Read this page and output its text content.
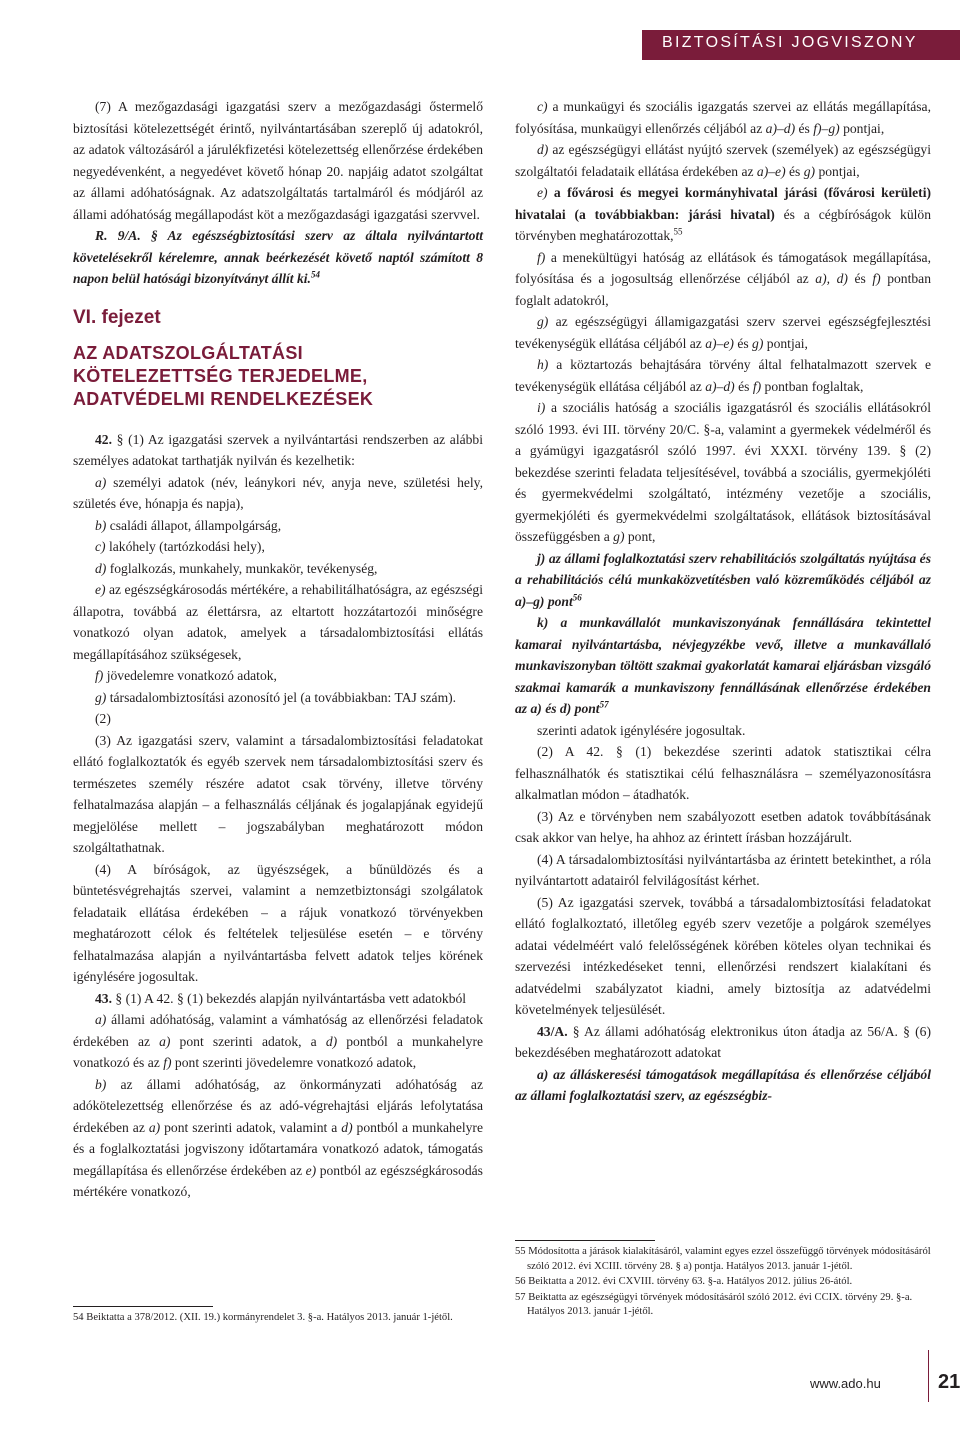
BIZTOSÍTÁSI JOGVISZONY

(7) A mezőgazdasági igazgatási szerv a mezőgazdasági őstermelő biztosítási kötelezettségét érintő, nyilvántartásában szereplő új adatokról, az adatok változásáról a járulékfizetési kötelezettség ellenőrzése érdekében negyedévenként, a negyedévet követő hónap 20. napjáig adatot szolgáltat az állami adóhatóságnak. Az adatszolgáltatás tartalmáról és módjáról az állami adóhatóság megállapodást köt a mezőgazdasági igazgatási szervvel.

R. 9/A. § Az egészségbiztosítási szerv az általa nyilvántartott követelésekről kérelemre, annak beérkezését követő naptól számított 8 napon belül hatósági bizonyítványt állít ki.$^{54}$

VI. fejezet
AZ ADATSZOLGÁLTATÁSI
KÖTELEZETTSÉG TERJEDELME,
ADATVÉDELMI RENDELKEZÉSEK

42. § (1) Az igazgatási szervek a nyilvántartási rendszerben az alábbi személyes adatokat tarthatják nyilván és kezelhetik:

a) személyi adatok (név, leánykori név, anyja neve, születési hely, születés éve, hónapja és napja),

b) családi állapot, állampolgárság,

c) lakóhely (tartózkodási hely),

d) foglalkozás, munkahely, munkakör, tevékenység,

e) az egészségkárosodás mértékére, a rehabilitálhatóságra, az egészségi állapotra, továbbá az élettársra, az eltartott hozzátartozói minőségre vonatkozó olyan adatok, amelyek a társadalombiztosítási ellátás megállapításához szükségesek,

f) jövedelemre vonatkozó adatok,

g) társadalombiztosítási azonosító jel (a továbbiakban: TAJ szám).

(2)

(3) Az igazgatási szerv, valamint a társadalombiztosítási feladatokat ellátó foglalkoztatók és egyéb szervek nem társadalombiztosítási szerv és természetes személy részére adatot csak törvény, illetve törvény felhatalmazása alapján – a felhasználás céljának és jogalapjának egyidejű megjelölése mellett – jogszabályban meghatározott módon szolgáltathatnak.

(4) A bíróságok, az ügyészségek, a bűnüldözés és a büntetésvégrehajtás szervei, valamint a nemzetbiztonsági szolgálatok feladataik ellátása érdekében – a rájuk vonatkozó törvényekben meghatározott célok és feltételek teljesülése esetén – e törvény felhatalmazása alapján a nyilvántartásba felvett adatok teljes körének igénylésére jogosultak.

43. § (1) A 42. § (1) bekezdés alapján nyilvántartásba vett adatokból

a) állami adóhatóság, valamint a vámhatóság az ellenőrzési feladatok érdekében az a) pont szerinti adatok, a d) pontból a munkahelyre vonatkozó és az f) pont szerinti jövedelemre vonatkozó adatok,

b) az állami adóhatóság, az önkormányzati adóhatóság az adókötelezettség ellenőrzése és az adó-végrehajtási eljárás lefolytatása érdekében az a) pont szerinti adatok, valamint a d) pontból a munkahelyre és a foglalkoztatási jogviszony időtartamára vonatkozó adatok, támogatás megállapítása és ellenőrzése érdekében az e) pontból az egészségkárosodás mértékére vonatkozó,

54 Beiktatta a 378/2012. (XII. 19.) kormányrendelet 3. §-a. Hatályos 2013. január 1-jétől.

c) a munkaügyi és szociális igazgatás szervei az ellátás megállapítása, folyósítása, munkaügyi ellenőrzés céljából az a)–d) és f)–g) pontjai,

d) az egészségügyi ellátást nyújtó szervek (személyek) az egészségügyi szolgáltatói feladataik ellátása érdekében az a)–e) és g) pontjai,

e) a fővárosi és megyei kormányhivatal járási (fővárosi kerületi) hivatalai (a továbbiakban: járási hivatal) és a cégbíróságok külön törvényben meghatározottak,$^{55}$

f) a menekültügyi hatóság az ellátások és támogatások megállapítása, folyósítása és a jogosultság ellenőrzése céljából az a), d) és f) pontban foglalt adatokról,

g) az egészségügyi államigazgatási szerv szervei egészségfejlesztési tevékenységük ellátása céljából az a)–e) és g) pontjai,

h) a köztartozás behajtására törvény által felhatalmazott szervek e tevékenységük ellátása céljából az a)–d) és f) pontban foglaltak,

i) a szociális hatóság a szociális igazgatásról és szociális ellátásokról szóló 1993. évi III. törvény 20/C. §-a, valamint a gyermekek védelméről és a gyámügyi igazgatásról szóló 1997. évi XXXI. törvény 139. § (2) bekezdése szerinti feladata teljesítésével, továbbá a szociális, gyermekjóléti és gyermekvédelmi szolgáltató, intézmény vezetője a szociális, gyermekjóléti és gyermekvédelmi szolgáltatások, ellátások biztosításával összefüggésben a g) pont,

j) az állami foglalkoztatási szerv rehabilitációs szolgáltatás nyújtása és a rehabilitációs célú munkaközvetítésben való közreműködés céljából az a)–g) pont$^{56}$

k) a munkavállalót munkaviszonyának fennállására tekintettel kamarai nyilvántartásba, névjegyzékbe vevő, illetve a munkavállaló munkaviszonyban töltött szakmai gyakorlatát kamarai eljárásban vizsgáló szakmai kamarák a munkaviszony fennállásának ellenőrzése érdekében az a) és d) pont$^{57}$

szerinti adatok igénylésére jogosultak.

(2) A 42. § (1) bekezdése szerinti adatok statisztikai célra felhasználhatók és statisztikai célú felhasználásra – személyazonosításra alkalmatlan módon – átadhatók.

(3) Az e törvényben nem szabályozott esetben adatok továbbításának csak akkor van helye, ha ahhoz az érintett írásban hozzájárult.

(4) A társadalombiztosítási nyilvántartásba az érintett betekinthet, a róla nyilvántartott adatairól felvilágosítást kérhet.

(5) Az igazgatási szervek, továbbá a társadalombiztosítási feladatokat ellátó foglalkoztató, illetőleg egyéb szerv vezetője a polgárok személyes adatai védelméért való felelősségének körében köteles olyan technikai és szervezési intézkedéseket tenni, ellenőrzési rendszert kialakítani és adatvédelmi szabályzatot kiadni, amely biztosítja az adatvédelmi követelmények teljesülését.

43/A. § Az állami adóhatóság elektronikus úton átadja az 56/A. § (6) bekezdésében meghatározott adatokat

a) az álláskeresési támogatások megállapítása és ellenőrzése céljából az állami foglalkoztatási szerv, az egészségbiz-

55 Módosította a járások kialakításáról, valamint egyes ezzel összefüggő törvények módosításáról szóló 2012. évi XCIII. törvény 28. § a) pontja. Hatályos 2013. január 1-jétől.

56 Beiktatta a 2012. évi CXVIII. törvény 63. §-a. Hatályos 2012. július 26-ától.

57 Beiktatta az egészségügyi törvények módosításáról szóló 2012. évi CCIX. törvény 29. §-a. Hatályos 2013. január 1-jétől.

www.ado.hu	21
